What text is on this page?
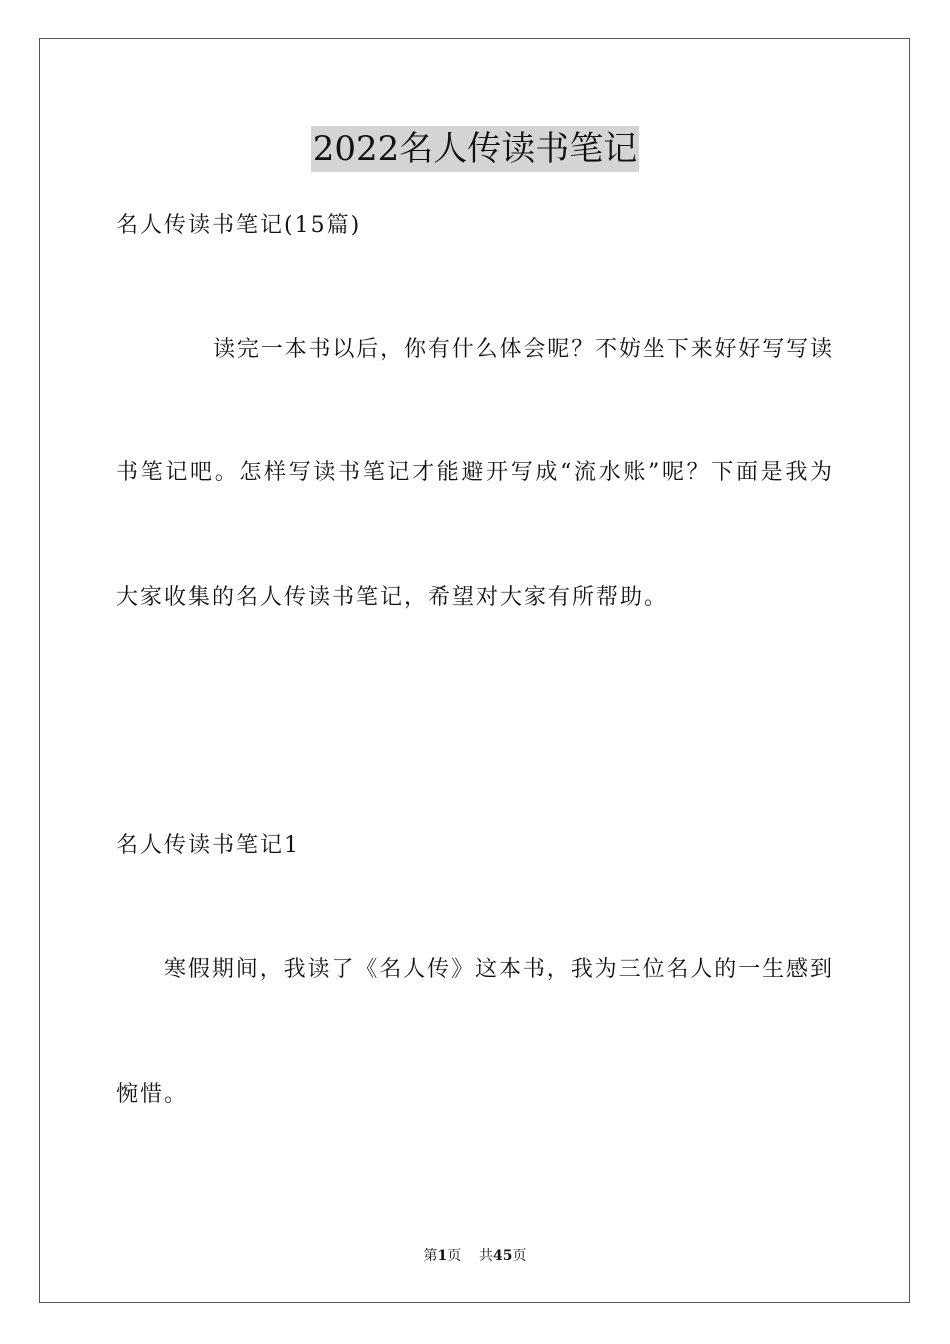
2022名人传读书笔记
名人传读书笔记(15篇)
读完一本书以后，你有什么体会呢？不妨坐下来好好写写读
书笔记吧。怎样写读书笔记才能避开写成“流水账”呢？下面是我为
大家收集的名人传读书笔记，希望对大家有所帮助。
名人传读书笔记1
寒假期间，我读了《名人传》这本书，我为三位名人的一生感到
惋惜。
第1页 共45页
